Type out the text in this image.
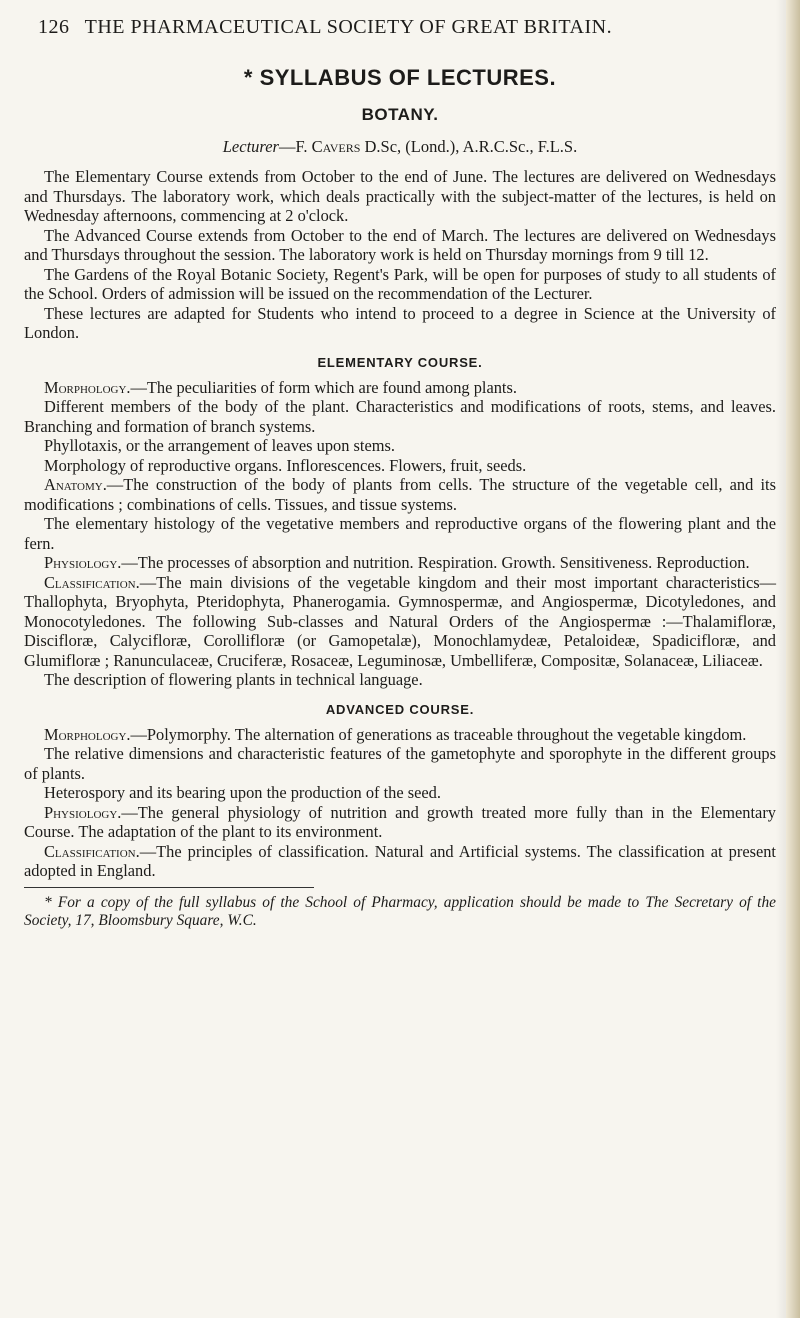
126 THE PHARMACEUTICAL SOCIETY OF GREAT BRITAIN.
* SYLLABUS OF LECTURES.
BOTANY.
Lecturer—F. Cavers D.Sc, (Lond.), A.R.C.Sc., F.L.S.

The Elementary Course extends from October to the end of June. The lectures are delivered on Wednesdays and Thursdays. The laboratory work, which deals practically with the subject-matter of the lectures, is held on Wednesday afternoons, commencing at 2 o'clock.

The Advanced Course extends from October to the end of March. The lectures are delivered on Wednesdays and Thursdays throughout the session. The laboratory work is held on Thursday mornings from 9 till 12.

The Gardens of the Royal Botanic Society, Regent's Park, will be open for purposes of study to all students of the School. Orders of admission will be issued on the recommendation of the Lecturer.

These lectures are adapted for Students who intend to proceed to a degree in Science at the University of London.

ELEMENTARY COURSE.

Morphology.—The peculiarities of form which are found among plants.

Different members of the body of the plant. Characteristics and modifications of roots, stems, and leaves. Branching and formation of branch systems.

Phyllotaxis, or the arrangement of leaves upon stems.

Morphology of reproductive organs. Inflorescences. Flowers, fruit, seeds.

Anatomy.—The construction of the body of plants from cells. The structure of the vegetable cell, and its modifications ; combinations of cells. Tissues, and tissue systems.

The elementary histology of the vegetative members and reproductive organs of the flowering plant and the fern.

Physiology.—The processes of absorption and nutrition. Respiration. Growth. Sensitiveness. Reproduction.

Classification.—The main divisions of the vegetable kingdom and their most important characteristics—Thallophyta, Bryophyta, Pteridophyta, Phanerogamia. Gymnospermæ, and Angiospermæ, Dicotyledones, and Monocotyledones. The following Sub-classes and Natural Orders of the Angiospermæ :—Thalamifloræ, Discifloræ, Calycifloræ, Corollifloræ (or Gamopetalæ), Monochlamydeæ, Petaloideæ, Spadicifloræ, and Glumifloræ ; Ranunculaceæ, Cruciferæ, Rosaceæ, Leguminosæ, Umbelliferæ, Compositæ, Solanaceæ, Liliaceæ.

The description of flowering plants in technical language.

ADVANCED COURSE.

Morphology.—Polymorphy. The alternation of generations as traceable throughout the vegetable kingdom.

The relative dimensions and characteristic features of the gametophyte and sporophyte in the different groups of plants.

Heterospory and its bearing upon the production of the seed.

Physiology.—The general physiology of nutrition and growth treated more fully than in the Elementary Course. The adaptation of the plant to its environment.

Classification.—The principles of classification. Natural and Artificial systems. The classification at present adopted in England.

* For a copy of the full syllabus of the School of Pharmacy, application should be made to The Secretary of the Society, 17, Bloomsbury Square, W.C.
